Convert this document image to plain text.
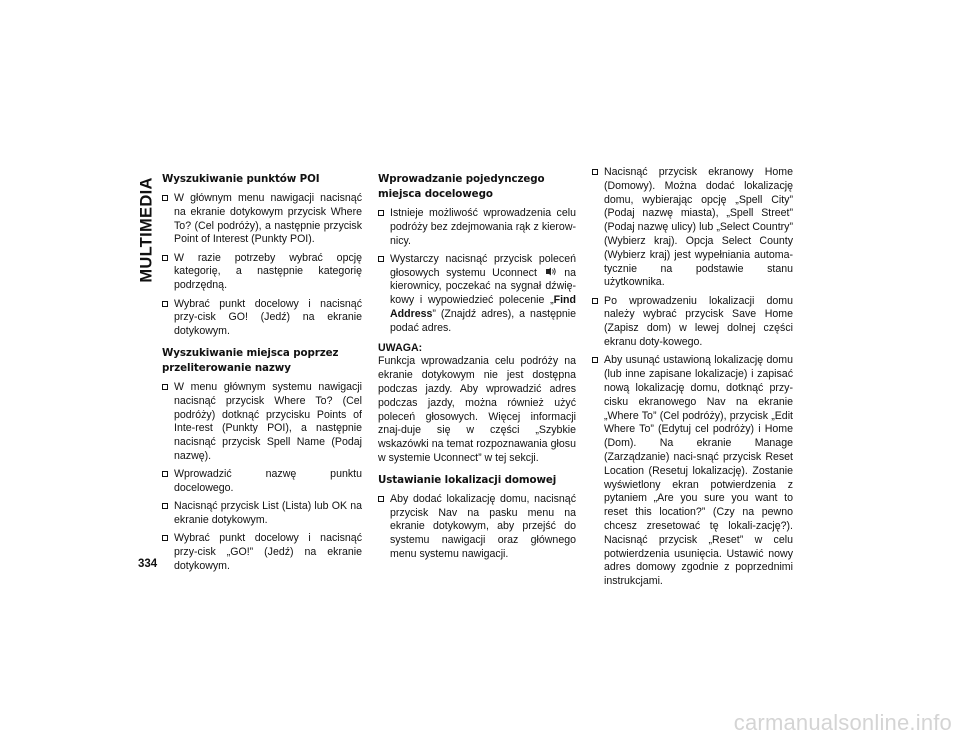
MULTIMEDIA
334
Wyszukiwanie punktów POI
W głównym menu nawigacji nacisnąć na ekranie dotykowym przycisk Where To? (Cel podróży), a następnie przycisk Point of Interest (Punkty POI).
W razie potrzeby wybrać opcję kategorię, a następnie kategorię podrzędną.
Wybrać punkt docelowy i nacisnąć przy-cisk GO! (Jedź) na ekranie dotykowym.
Wyszukiwanie miejsca poprzez przeliterowanie nazwy
W menu głównym systemu nawigacji nacisnąć przycisk Where To? (Cel podróży) dotknąć przycisku Points of Inte-rest (Punkty POI), a następnie nacisnąć przycisk Spell Name (Podaj nazwę).
Wprowadzić nazwę punktu docelowego.
Nacisnąć przycisk List (Lista) lub OK na ekranie dotykowym.
Wybrać punkt docelowy i nacisnąć przy-cisk „GO!” (Jedź) na ekranie dotykowym.
Wprowadzanie pojedynczego miejsca docelowego
Istnieje możliwość wprowadzenia celu podróży bez zdejmowania rąk z kierow-nicy.
Wystarczy nacisnąć przycisk poleceń głosowych systemu Uconnect	na kierownicy, poczekać na sygnał dźwię-kowy i wypowiedzieć polecenie „Find Address” (Znajdź adres), a następnie podać adres.
UWAGA:
Funkcja wprowadzania celu podróży na ekranie dotykowym nie jest dostępna podczas jazdy. Aby wprowadzić adres podczas jazdy, można również użyć poleceń głosowych. Więcej informacji znaj-duje się w części „Szybkie wskazówki na temat rozpoznawania głosu w systemie Uconnect” w tej sekcji.
Ustawianie lokalizacji domowej
Aby dodać lokalizację domu, nacisnąć przycisk Nav na pasku menu na ekranie dotykowym, aby przejść do systemu nawigacji oraz głównego menu systemu nawigacji.
Nacisnąć przycisk ekranowy Home (Domowy). Można dodać lokalizację domu, wybierając opcję „Spell City” (Podaj nazwę miasta), „Spell Street” (Podaj nazwę ulicy) lub „Select Country” (Wybierz kraj). Opcja Select County (Wybierz kraj) jest wypełniania automa-tycznie na podstawie stanu użytkownika.
Po wprowadzeniu lokalizacji domu należy wybrać przycisk Save Home (Zapisz dom) w lewej dolnej części ekranu doty-kowego.
Aby usunąć ustawioną lokalizację domu (lub inne zapisane lokalizacje) i zapisać nową lokalizację domu, dotknąć przy-cisku ekranowego Nav na ekranie „Where To” (Cel podróży), przycisk „Edit Where To” (Edytuj cel podróży) i Home (Dom). Na ekranie Manage (Zarządzanie) naci-snąć przycisk Reset Location (Resetuj lokalizację). Zostanie wyświetlony ekran potwierdzenia z pytaniem „Are you sure you want to reset this location?” (Czy na pewno chcesz zresetować tę lokali-zację?). Nacisnąć przycisk „Reset” w celu potwierdzenia usunięcia. Ustawić nowy adres domowy zgodnie z poprzednimi instrukcjami.
carmanualsonline.info
